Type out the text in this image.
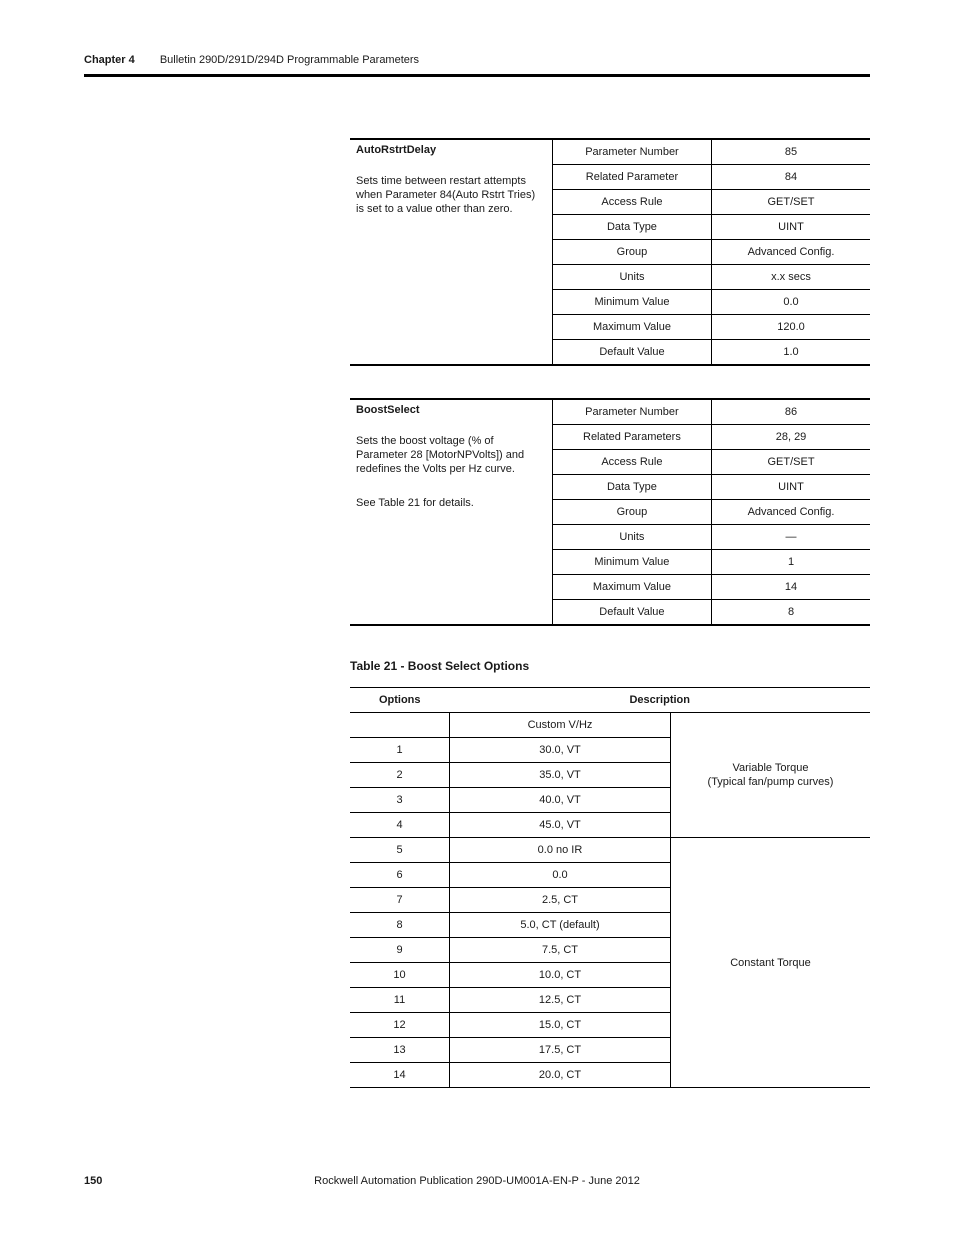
Chapter 4 Bulletin 290D/291D/294D Programmable Parameters
AutoRstrtDelay
Sets time between restart attempts when Parameter 84(Auto Rstrt Tries) is set to a value other than zero.	Parameter Number	85
	Related Parameter	84
	Access Rule	GET/SET
	Data Type	UINT
	Group	Advanced Config.
	Units	x.x secs
	Minimum Value	0.0
	Maximum Value	120.0
	Default Value	1.0
BoostSelect
Sets the boost voltage (% of Parameter 28 [MotorNPVolts]) and redefines the Volts per Hz curve.
See Table 21 for details.	Parameter Number	86
	Related Parameters	28, 29
	Access Rule	GET/SET
	Data Type	UINT
	Group	Advanced Config.
	Units	—
	Minimum Value	1
	Maximum Value	14
	Default Value	8
Table 21 - Boost Select Options
Options	Description	
	Custom V/Hz	Variable Torque
(Typical fan/pump curves)
1	30.0, VT	
2	35.0, VT	
3	40.0, VT	
4	45.0, VT	
5	0.0 no IR	Constant Torque
6	0.0	
7	2.5, CT	
8	5.0, CT (default)	
9	7.5, CT	
10	10.0, CT	
11	12.5, CT	
12	15.0, CT	
13	17.5, CT	
14	20.0, CT	
150	Rockwell Automation Publication 290D-UM001A-EN-P - June 2012
